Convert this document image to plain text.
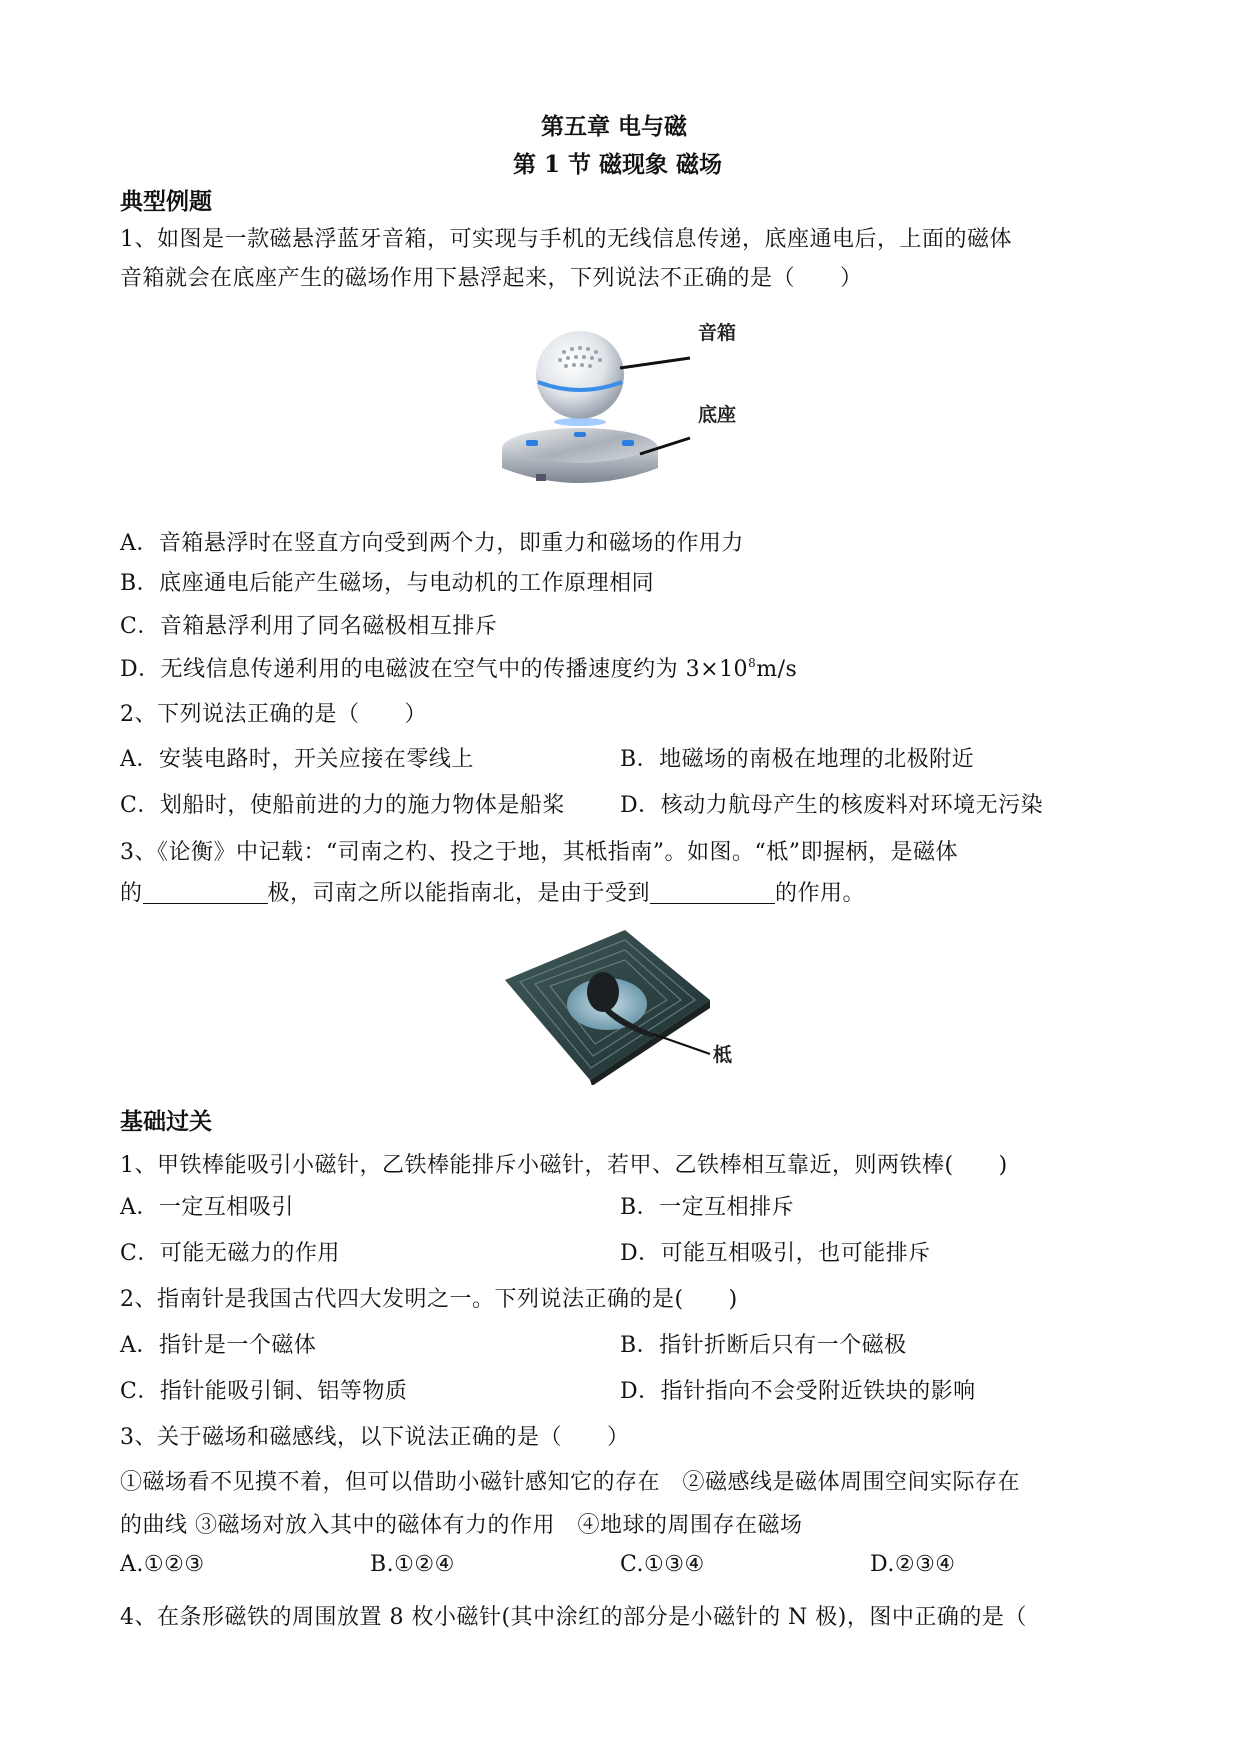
第五章 电与磁
第 1 节 磁现象 磁场
典型例题
1、如图是一款磁悬浮蓝牙音箱，可实现与手机的无线信息传递，底座通电后，上面的磁体
音箱就会在底座产生的磁场作用下悬浮起来，下列说法不正确的是（　　）
音箱
底座
A．音箱悬浮时在竖直方向受到两个力，即重力和磁场的作用力
B．底座通电后能产生磁场，与电动机的工作原理相同
C．音箱悬浮利用了同名磁极相互排斥
D．无线信息传递利用的电磁波在空气中的传播速度约为 $3\times 10^8m/s$
2、下列说法正确的是（　　）
A．安装电路时，开关应接在零线上	B．地磁场的南极在地理的北极附近
C．划船时，使船前进的力的施力物体是船桨	D．核动力航母产生的核废料对环境无污染
3、《论衡》中记载：“司南之杓、投之于地，其柢指南”。如图。“柢”即握柄，是磁体
的	极，司南之所以能指南北，是由于受到	的作用。
柢
基础过关
1、甲铁棒能吸引小磁针，乙铁棒能排斥小磁针，若甲、乙铁棒相互靠近，则两铁棒(　　)
A．一定互相吸引	B．一定互相排斥
C．可能无磁力的作用	D．可能互相吸引，也可能排斥
2、指南针是我国古代四大发明之一。下列说法正确的是(　　)
A．指针是一个磁体	B．指针折断后只有一个磁极
C．指针能吸引铜、铝等物质	D．指针指向不会受附近铁块的影响
3、关于磁场和磁感线，以下说法正确的是（　　）
①磁场看不见摸不着，但可以借助小磁针感知它的存在　②磁感线是磁体周围空间实际存在
的曲线 ③磁场对放入其中的磁体有力的作用　④地球的周围存在磁场
A.①②③	B.①②④	C.①③④	D.②③④
4、在条形磁铁的周围放置 8 枚小磁针(其中涂红的部分是小磁针的 N 极)，图中正确的是（
